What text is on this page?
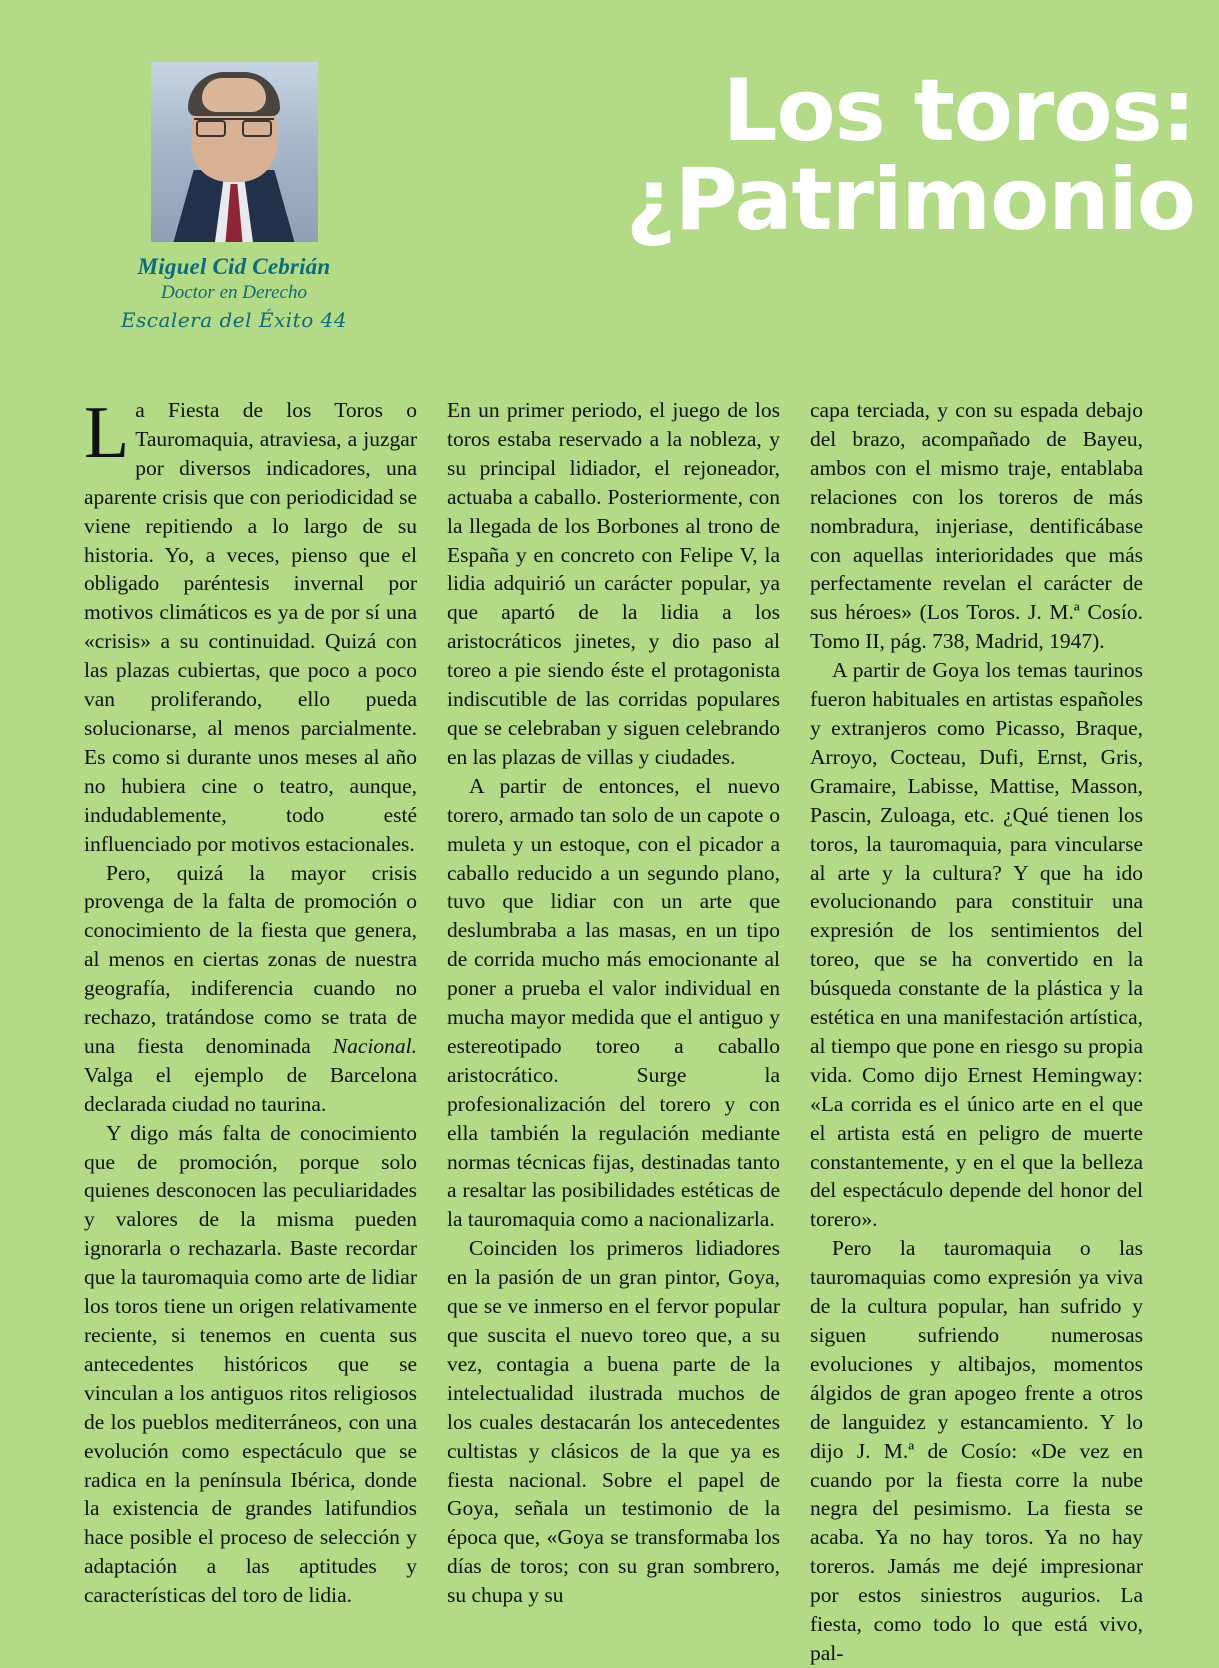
Miguel Cid Cebrián
Doctor en Derecho
Escalera del Éxito 44
Los toros:
¿Patrimonio

La Fiesta de los Toros o Tauromaquia, atraviesa, a juzgar por diversos indicadores, una aparente crisis que con periodicidad se viene repitiendo a lo largo de su historia. Yo, a veces, pienso que el obligado paréntesis invernal por motivos climáticos es ya de por sí una «crisis» a su continuidad. Quizá con las plazas cubiertas, que poco a poco van proliferando, ello pueda solucionarse, al menos parcialmente. Es como si durante unos meses al año no hubiera cine o teatro, aunque, indudablemente, todo esté influenciado por motivos estacionales.

Pero, quizá la mayor crisis provenga de la falta de promoción o conocimiento de la fiesta que genera, al menos en ciertas zonas de nuestra geografía, indiferencia cuando no rechazo, tratándose como se trata de una fiesta denominada Nacional. Valga el ejemplo de Barcelona declarada ciudad no taurina.

Y digo más falta de conocimiento que de promoción, porque solo quienes desconocen las peculiaridades y valores de la misma pueden ignorarla o rechazarla. Baste recordar que la tauromaquia como arte de lidiar los toros tiene un origen relativamente reciente, si tenemos en cuenta sus antecedentes históricos que se vinculan a los antiguos ritos religiosos de los pueblos mediterráneos, con una evolución como espectáculo que se radica en la península Ibérica, donde la existencia de grandes latifundios hace posible el proceso de selección y adaptación a las aptitudes y características del toro de lidia.

En un primer periodo, el juego de los toros estaba reservado a la nobleza, y su principal lidiador, el rejoneador, actuaba a caballo. Posteriormente, con la llegada de los Borbones al trono de España y en concreto con Felipe V, la lidia adquirió un carácter popular, ya que apartó de la lidia a los aristocráticos jinetes, y dio paso al toreo a pie siendo éste el protagonista indiscutible de las corridas populares que se celebraban y siguen celebrando en las plazas de villas y ciudades.

A partir de entonces, el nuevo torero, armado tan solo de un capote o muleta y un estoque, con el picador a caballo reducido a un segundo plano, tuvo que lidiar con un arte que deslumbraba a las masas, en un tipo de corrida mucho más emocionante al poner a prueba el valor individual en mucha mayor medida que el antiguo y estereotipado toreo a caballo aristocrático. Surge la profesionalización del torero y con ella también la regulación mediante normas técnicas fijas, destinadas tanto a resaltar las posibilidades estéticas de la tauromaquia como a nacionalizarla.

Coinciden los primeros lidiadores en la pasión de un gran pintor, Goya, que se ve inmerso en el fervor popular que suscita el nuevo toreo que, a su vez, contagia a buena parte de la intelectualidad ilustrada muchos de los cuales destacarán los antecedentes cultistas y clásicos de la que ya es fiesta nacional. Sobre el papel de Goya, señala un testimonio de la época que, «Goya se transformaba los días de toros; con su gran sombrero, su chupa y su

capa terciada, y con su espada debajo del brazo, acompañado de Bayeu, ambos con el mismo traje, entablaba relaciones con los toreros de más nombradura, injeriase, dentificábase con aquellas interioridades que más perfectamente revelan el carácter de sus héroes» (Los Toros. J. M.ª Cosío. Tomo II, pág. 738, Madrid, 1947).

A partir de Goya los temas taurinos fueron habituales en artistas españoles y extranjeros como Picasso, Braque, Arroyo, Cocteau, Dufi, Ernst, Gris, Gramaire, Labisse, Mattise, Masson, Pascin, Zuloaga, etc. ¿Qué tienen los toros, la tauromaquia, para vincularse al arte y la cultura? Y que ha ido evolucionando para constituir una expresión de los sentimientos del toreo, que se ha convertido en la búsqueda constante de la plástica y la estética en una manifestación artística, al tiempo que pone en riesgo su propia vida. Como dijo Ernest Hemingway: «La corrida es el único arte en el que el artista está en peligro de muerte constantemente, y en el que la belleza del espectáculo depende del honor del torero».

Pero la tauromaquia o las tauromaquias como expresión ya viva de la cultura popular, han sufrido y siguen sufriendo numerosas evoluciones y altibajos, momentos álgidos de gran apogeo frente a otros de languidez y estancamiento. Y lo dijo J. M.ª de Cosío: «De vez en cuando por la fiesta corre la nube negra del pesimismo. La fiesta se acaba. Ya no hay toros. Ya no hay toreros. Jamás me dejé impresionar por estos siniestros augurios. La fiesta, como todo lo que está vivo, pal-
